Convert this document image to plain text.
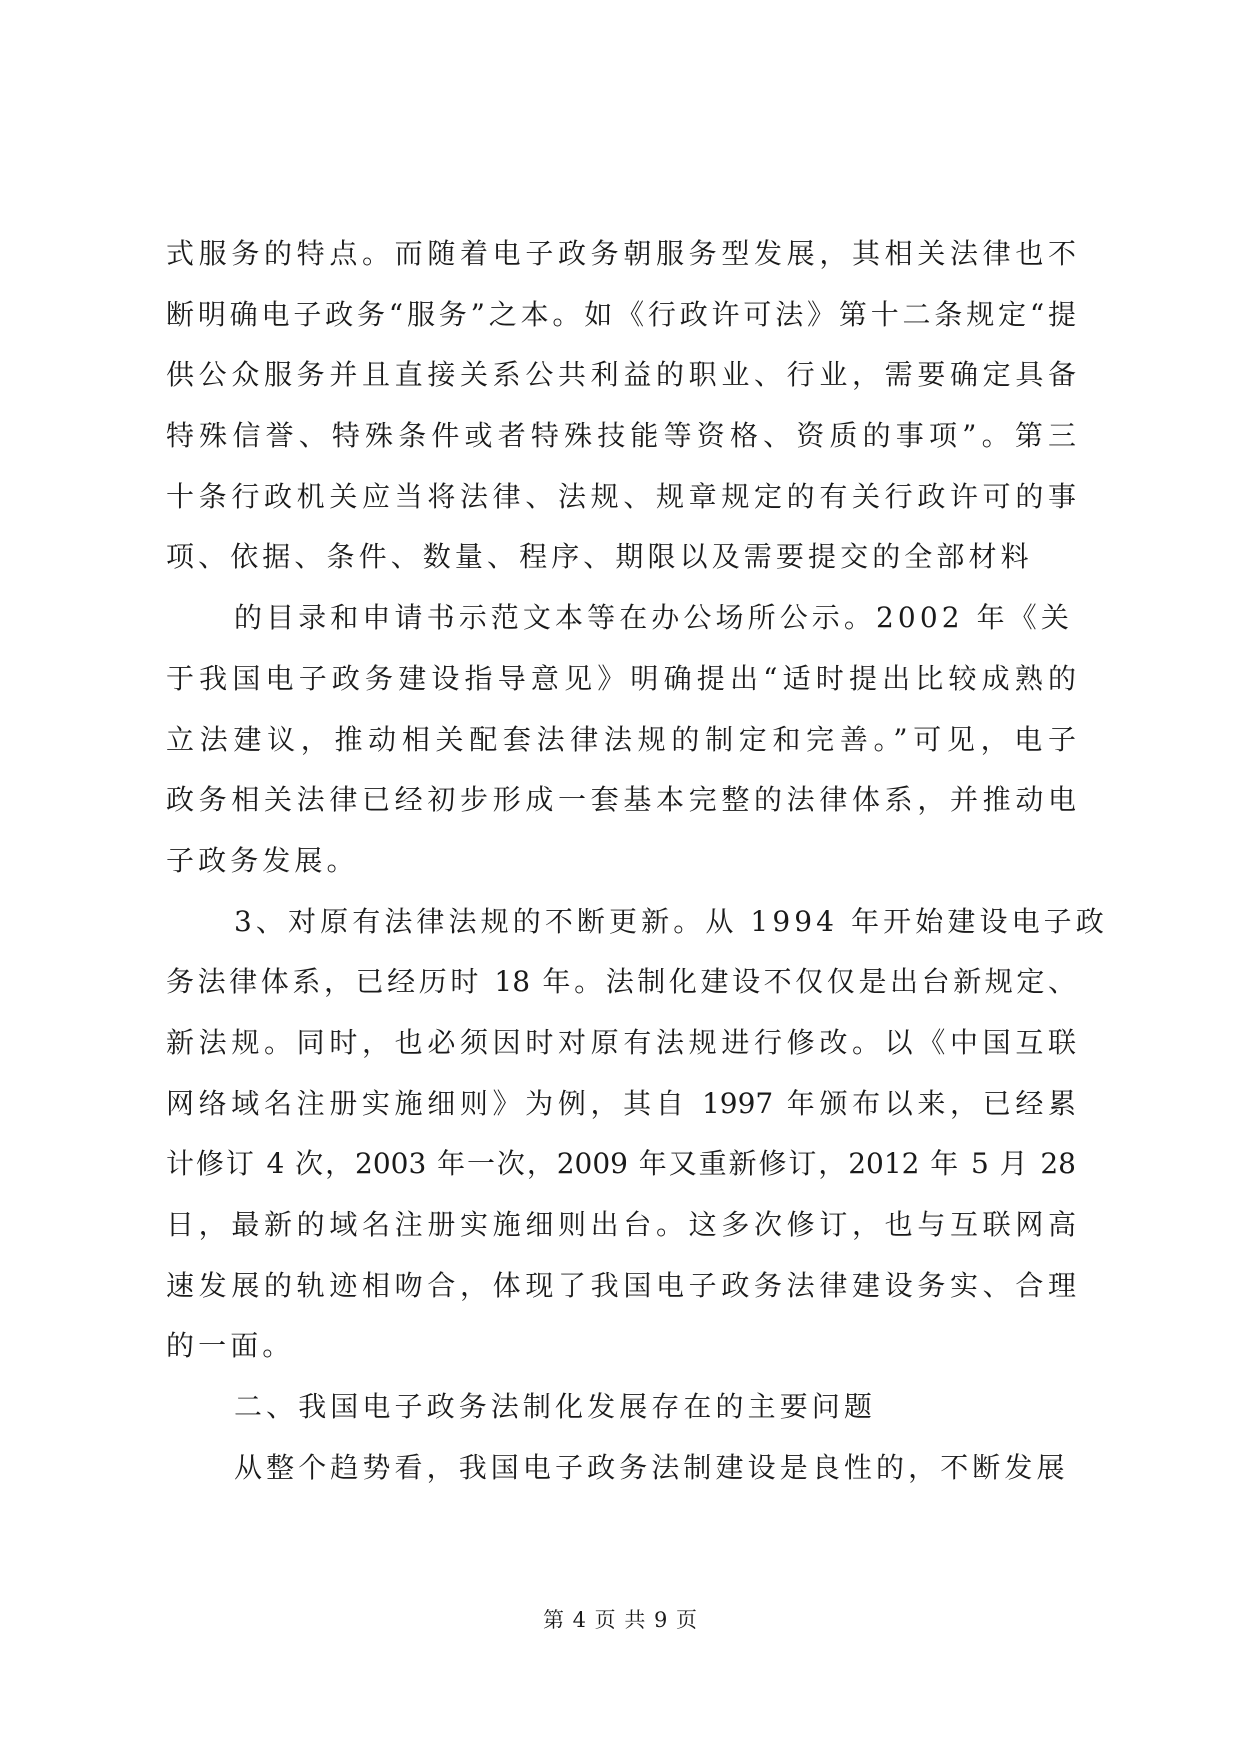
式服务的特点。而随着电子政务朝服务型发展，其相关法律也不
断明确电子政务“服务”之本。如《行政许可法》第十二条规定“提
供公众服务并且直接关系公共利益的职业、行业，需要确定具备
特殊信誉、特殊条件或者特殊技能等资格、资质的事项”。第三
十条行政机关应当将法律、法规、规章规定的有关行政许可的事
项、依据、条件、数量、程序、期限以及需要提交的全部材料
的目录和申请书示范文本等在办公场所公示。2002 年《关
于我国电子政务建设指导意见》明确提出“适时提出比较成熟的
立法建议，推动相关配套法律法规的制定和完善。”可见，电子
政务相关法律已经初步形成一套基本完整的法律体系，并推动电
子政务发展。
3、对原有法律法规的不断更新。从 1994 年开始建设电子政
务法律体系，已经历时 18 年。法制化建设不仅仅是出台新规定、
新法规。同时，也必须因时对原有法规进行修改。以《中国互联
网络域名注册实施细则》为例，其自 1997 年颁布以来，已经累
计修订 4 次，2003 年一次，2009 年又重新修订，2012 年 5 月 28
日，最新的域名注册实施细则出台。这多次修订，也与互联网高
速发展的轨迹相吻合，体现了我国电子政务法律建设务实、合理
的一面。
二、我国电子政务法制化发展存在的主要问题
从整个趋势看，我国电子政务法制建设是良性的，不断发展
第 4 页 共 9 页
